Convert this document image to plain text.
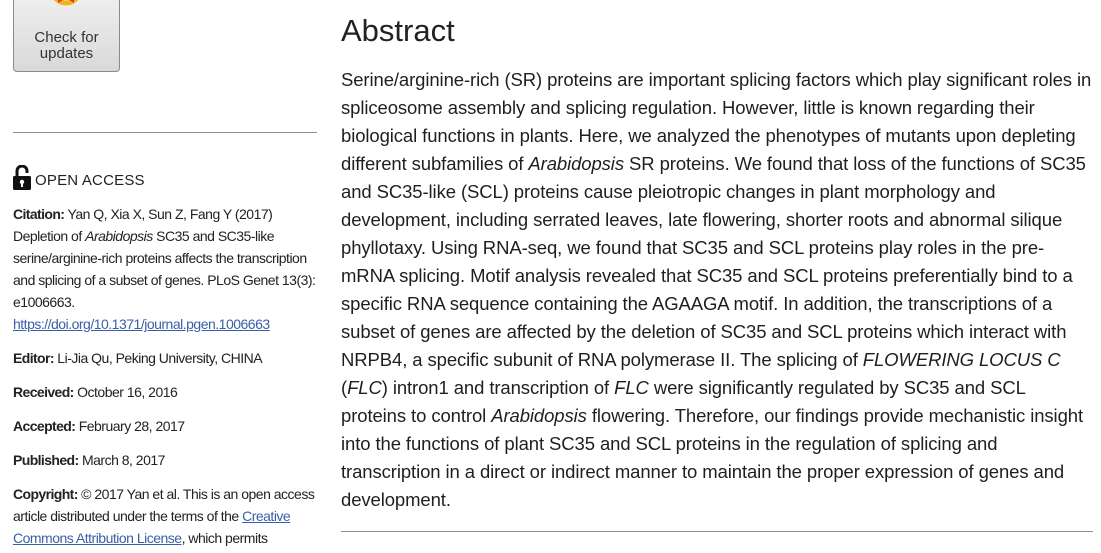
Check for
updates
OPEN ACCESS
Citation: Yan Q, Xia X, Sun Z, Fang Y (2017)
Depletion of Arabidopsis SC35 and SC35-like serine/arginine-rich proteins affects the transcription and splicing of a subset of genes. PLoS Genet 13(3): e1006663. https://doi.org/10.1371/journal.pgen.1006663
Editor: Li-Jia Qu, Peking University, CHINA
Received: October 16, 2016
Accepted: February 28, 2017
Published: March 8, 2017
Copyright: © 2017 Yan et al. This is an open access article distributed under the terms of the Creative Commons Attribution License, which permits
Abstract
Serine/arginine-rich (SR) proteins are important splicing factors which play significant roles in spliceosome assembly and splicing regulation. However, little is known regarding their biological functions in plants. Here, we analyzed the phenotypes of mutants upon depleting different subfamilies of Arabidopsis SR proteins. We found that loss of the functions of SC35 and SC35-like (SCL) proteins cause pleiotropic changes in plant morphology and development, including serrated leaves, late flowering, shorter roots and abnormal silique phyllotaxy. Using RNA-seq, we found that SC35 and SCL proteins play roles in the pre-mRNA splicing. Motif analysis revealed that SC35 and SCL proteins preferentially bind to a specific RNA sequence containing the AGAAGA motif. In addition, the transcriptions of a subset of genes are affected by the deletion of SC35 and SCL proteins which interact with NRPB4, a specific subunit of RNA polymerase II. The splicing of FLOWERING LOCUS C (FLC) intron1 and transcription of FLC were significantly regulated by SC35 and SCL proteins to control Arabidopsis flowering. Therefore, our findings provide mechanistic insight into the functions of plant SC35 and SCL proteins in the regulation of splicing and transcription in a direct or indirect manner to maintain the proper expression of genes and development.
